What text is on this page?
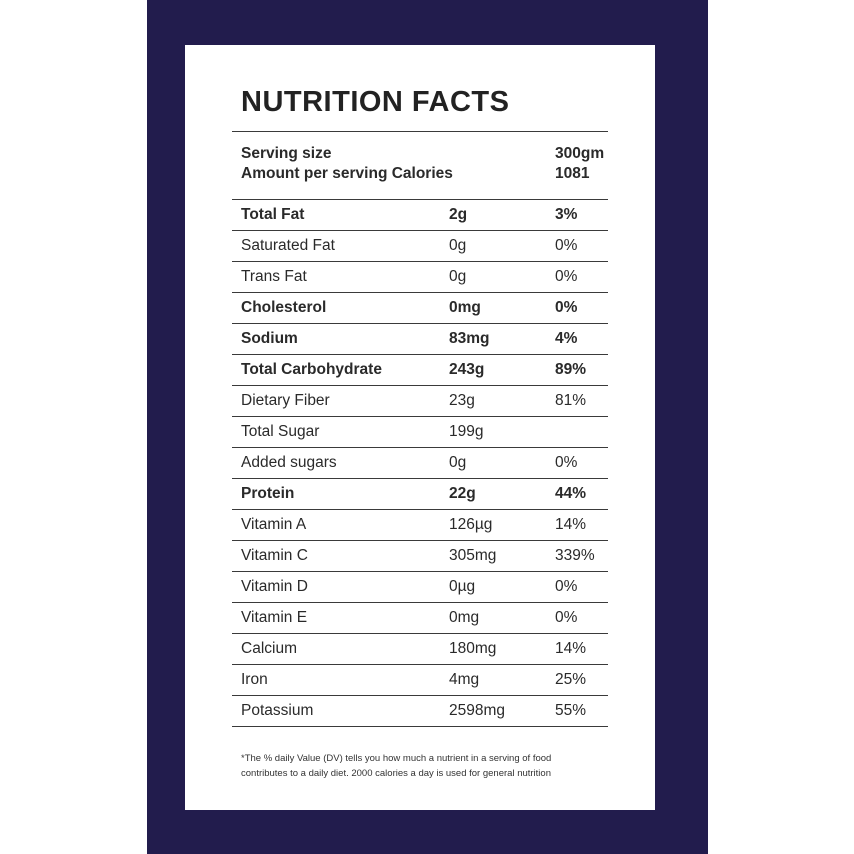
NUTRITION FACTS
Serving size	300gm
Amount per serving Calories	1081
Total Fat	2g	3%
Saturated Fat	0g	0%
Trans Fat	0g	0%
Cholesterol	0mg	0%
Sodium	83mg	4%
Total Carbohydrate	243g	89%
Dietary Fiber	23g	81%
Total Sugar	199g
Added sugars	0g	0%
Protein	22g	44%
Vitamin A	126µg	14%
Vitamin C	305mg	339%
Vitamin D	0µg	0%
Vitamin E	0mg	0%
Calcium	180mg	14%
Iron	4mg	25%
Potassium	2598mg	55%
*The % daily Value (DV) tells you how much a nutrient in a serving of food
contributes to a daily diet. 2000 calories a day is used for general nutrition
